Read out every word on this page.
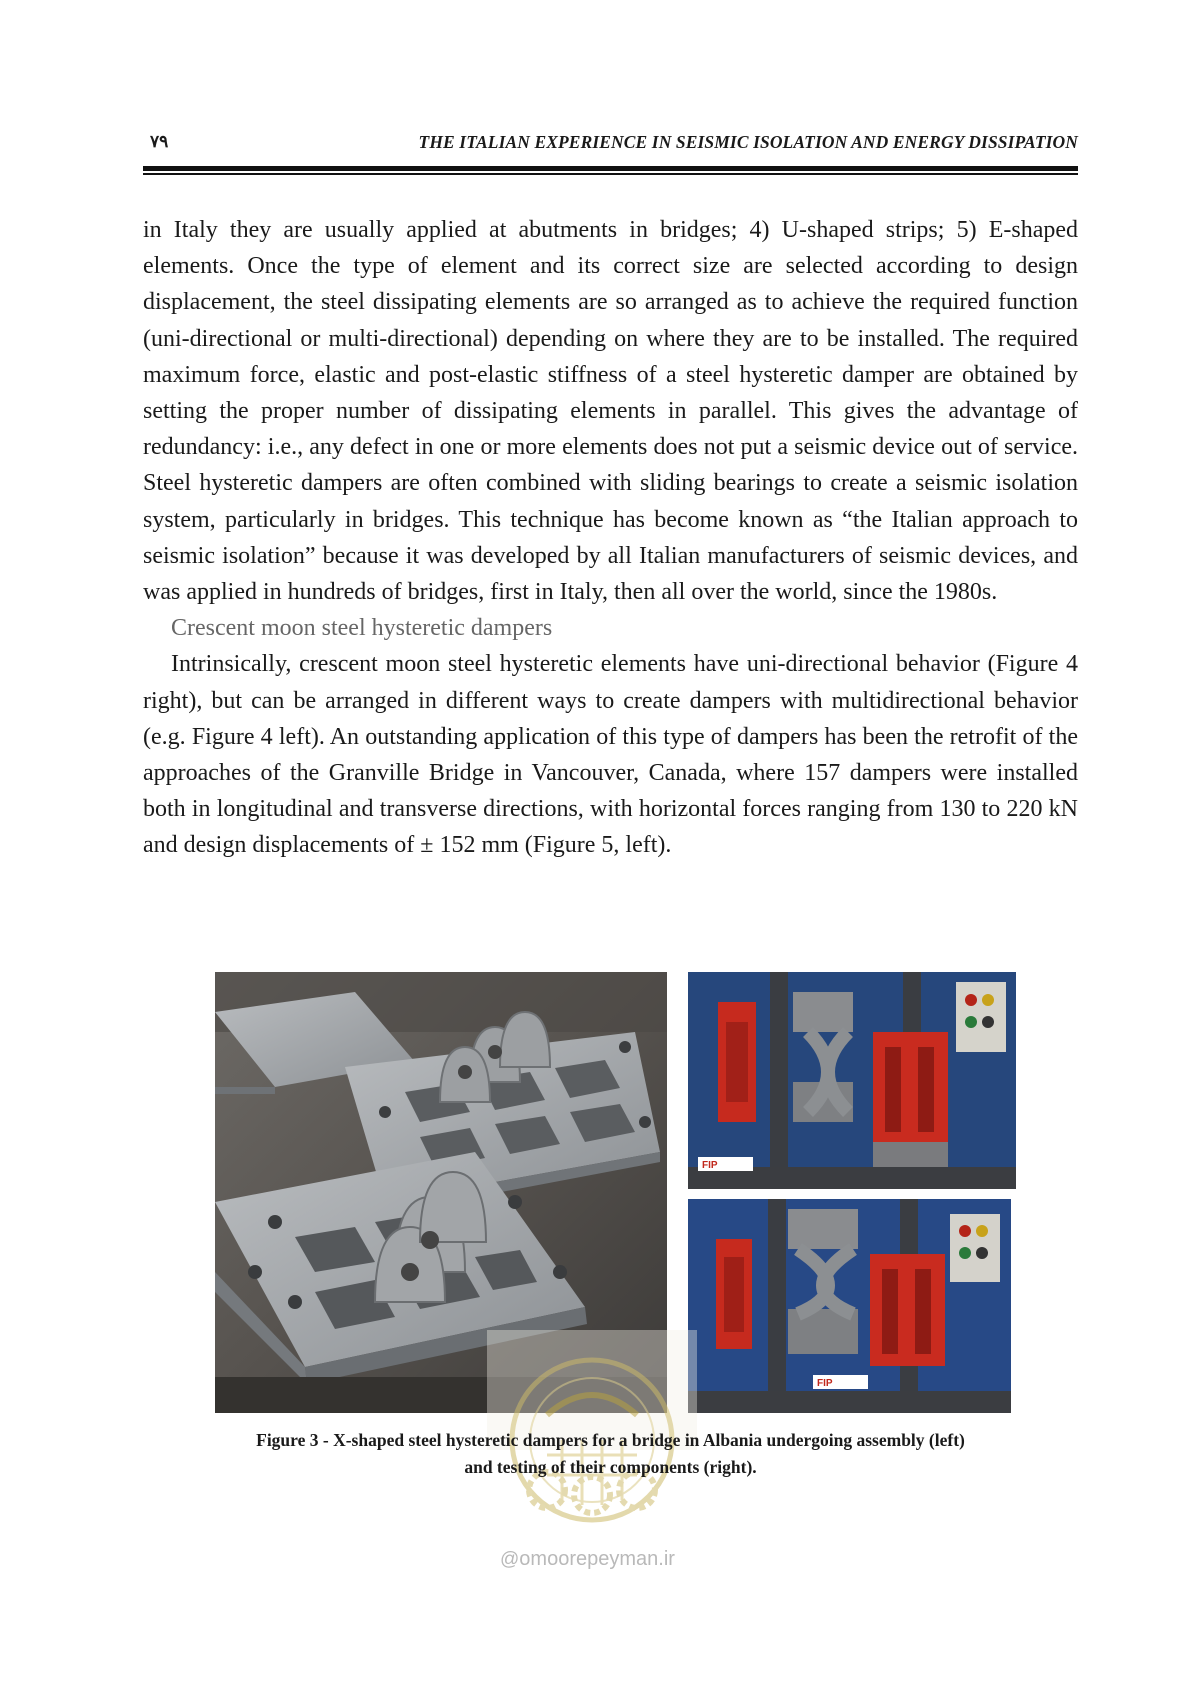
۷۹	THE ITALIAN EXPERIENCE IN SEISMIC ISOLATION AND ENERGY DISSIPATION

in Italy they are usually applied at abutments in bridges; 4) U-shaped strips; 5) E-shaped elements. Once the type of element and its correct size are selected according to design displacement, the steel dissipating elements are so arranged as to achieve the required function (uni-directional or multi-directional) depending on where they are to be installed. The required maximum force, elastic and post-elastic stiffness of a steel hysteretic damper are obtained by setting the proper number of dissipating elements in parallel. This gives the advantage of redundancy: i.e., any defect in one or more elements does not put a seismic device out of service. Steel hysteretic dampers are often combined with sliding bearings to create a seismic isolation system, particularly in bridges. This technique has become known as “the Italian approach to seismic isolation” because it was developed by all Italian manufacturers of seismic devices, and was applied in hundreds of bridges, first in Italy, then all over the world, since the 1980s.

Crescent moon steel hysteretic dampers

Intrinsically, crescent moon steel hysteretic elements have uni-directional behavior (Figure 4 right), but can be arranged in different ways to create dampers with multidirectional behavior (e.g. Figure 4 left). An outstanding application of this type of dampers has been the retrofit of the approaches of the Granville Bridge in Vancouver, Canada, where 157 dampers were installed both in longitudinal and transverse directions, with horizontal forces ranging from 130 to 220 kN and design displacements of ± 152 mm (Figure 5, left).

FIP
FIP
Figure 3 - X-shaped steel hysteretic dampers for a bridge in Albania undergoing assembly (left)
and testing of their components (right).
@omoorepeyman.ir
